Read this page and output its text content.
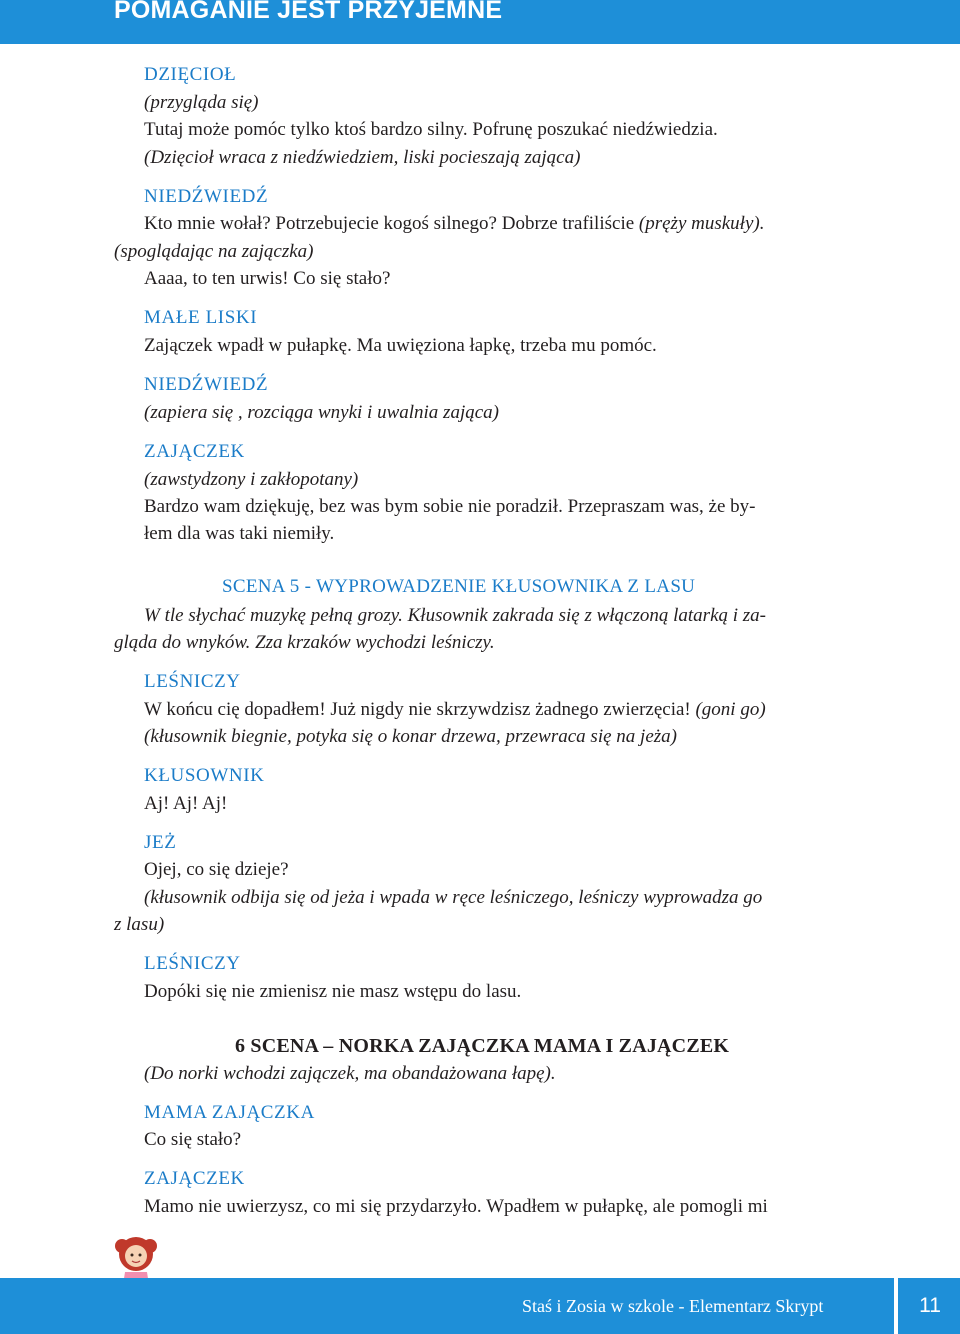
POMAGANIE JEST PRZYJEMNE
DZIĘCIOŁ
(przygląda się)
Tutaj może pomóc tylko ktoś bardzo silny. Pofrunę poszukać niedźwiedzia.
(Dzięcioł wraca z niedźwiedziem, liski pocieszają zająca)
NIEDŹWIEDŹ
Kto mnie wołał? Potrzebujecie kogoś silnego? Dobrze trafiliście (pręży muskuły).
(spoglądając na zajączka)
Aaaa, to ten urwis! Co się stało?
MAŁE LISKI
Zajączek wpadł w pułapkę. Ma uwięziona łapkę, trzeba mu pomóc.
NIEDŹWIEDŹ
(zapiera się , rozciąga wnyki i uwalnia zająca)
ZAJĄCZEK
(zawstydzony i zakłopotany)
Bardzo wam dziękuję, bez was bym sobie nie poradził. Przepraszam was, że by-
łem dla was taki niemiły.
SCENA 5 - WYPROWADZENIE KŁUSOWNIKA Z LASU
W tle słychać muzykę pełną grozy. Kłusownik zakrada się z włączoną latarką i za-
gląda do wnyków. Zza krzaków wychodzi leśniczy.
LEŚNICZY
W końcu cię dopadłem! Już nigdy nie skrzywdzisz żadnego zwierzęcia! (goni go)
(kłusownik biegnie, potyka się o konar drzewa, przewraca się na jeża)
KŁUSOWNIK
Aj! Aj! Aj!
JEŻ
Ojej, co się dzieje?
(kłusownik odbija się od jeża i wpada w ręce leśniczego, leśniczy wyprowadza go
z lasu)
LEŚNICZY
Dopóki się nie zmienisz nie masz wstępu do lasu.
6 SCENA – NORKA ZAJĄCZKA MAMA I ZAJĄCZEK
(Do norki wchodzi zajączek, ma obandażowana łapę).
MAMA ZAJĄCZKA
Co się stało?
ZAJĄCZEK
Mamo nie uwierzysz, co mi się przydarzyło. Wpadłem w pułapkę, ale pomogli mi
Staś i Zosia w szkole - Elementarz Skrypt	11
